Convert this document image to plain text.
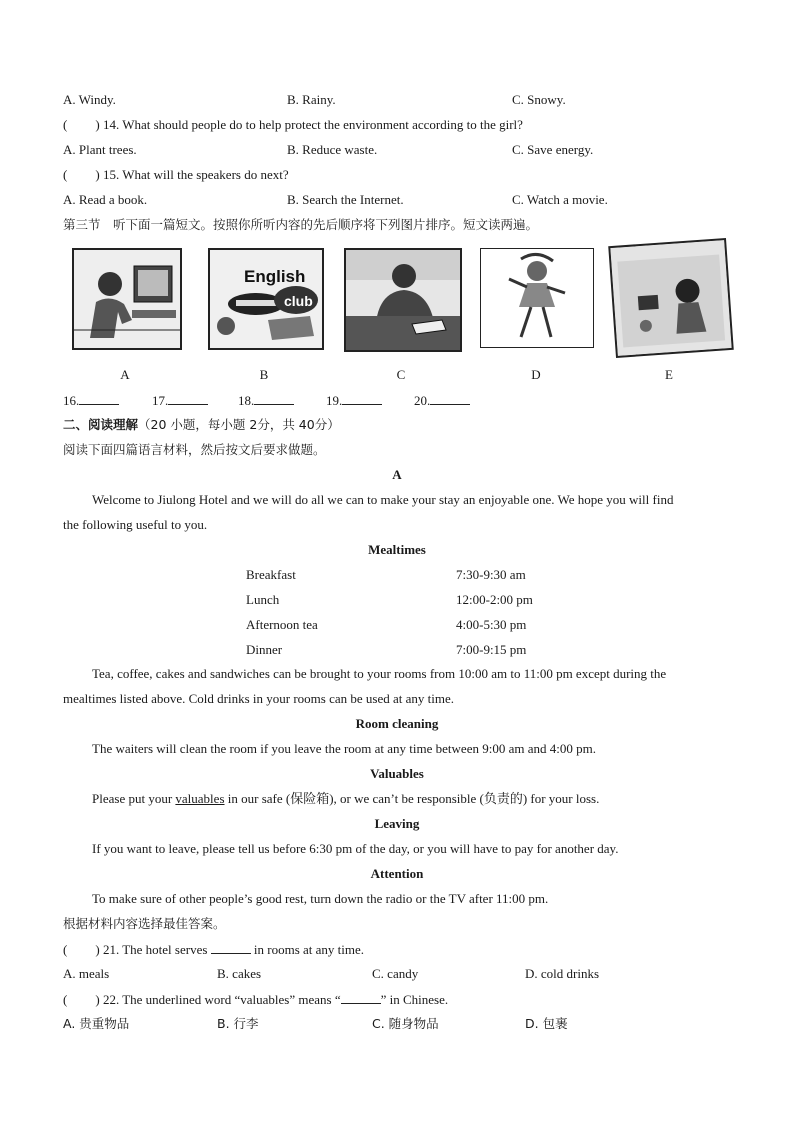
A. Windy.	B. Rainy.	C. Snowy.
( ) 14. What should people do to help protect the environment according to the girl?
A. Plant trees.	B. Reduce waste.	C. Save energy.
( ) 15. What will the speakers do next?
A. Read a book.	B. Search the Internet.	C. Watch a movie.
第三节　听下面一篇短文。按照你所听内容的先后顺序将下列图片排序。短文读两遍。
English
club
A	B	C	D	E
16.	17.	18.	19.	20.
二、阅读理解（20 小题，每小题 2分，共 40分）
阅读下面四篇语言材料，然后按文后要求做题。
A
Welcome to Jiulong Hotel and we will do all we can to make your stay an enjoyable one. We hope you will find
the following useful to you.
Mealtimes
Breakfast	7:30-9:30 am
Lunch	12:00-2:00 pm
Afternoon tea	4:00-5:30 pm
Dinner	7:00-9:15 pm
Tea, coffee, cakes and sandwiches can be brought to your rooms from 10:00 am to 11:00 pm except during the
mealtimes listed above. Cold drinks in your rooms can be used at any time.
Room cleaning
The waiters will clean the room if you leave the room at any time between 9:00 am and 4:00 pm.
Valuables
Please put your valuables in our safe (保险箱), or we can’t be responsible (负责的) for your loss.
Leaving
If you want to leave, please tell us before 6:30 pm of the day, or you will have to pay for another day.
Attention
To make sure of other people’s good rest, turn down the radio or the TV after 11:00 pm.
根据材料内容选择最佳答案。
( ) 21. The hotel serves	in rooms at any time.
A. meals	B. cakes	C. candy	D. cold drinks
( ) 22. The underlined word “valuables” means “	” in Chinese.
A. 贵重物品	B. 行李	C. 随身物品	D. 包裹
